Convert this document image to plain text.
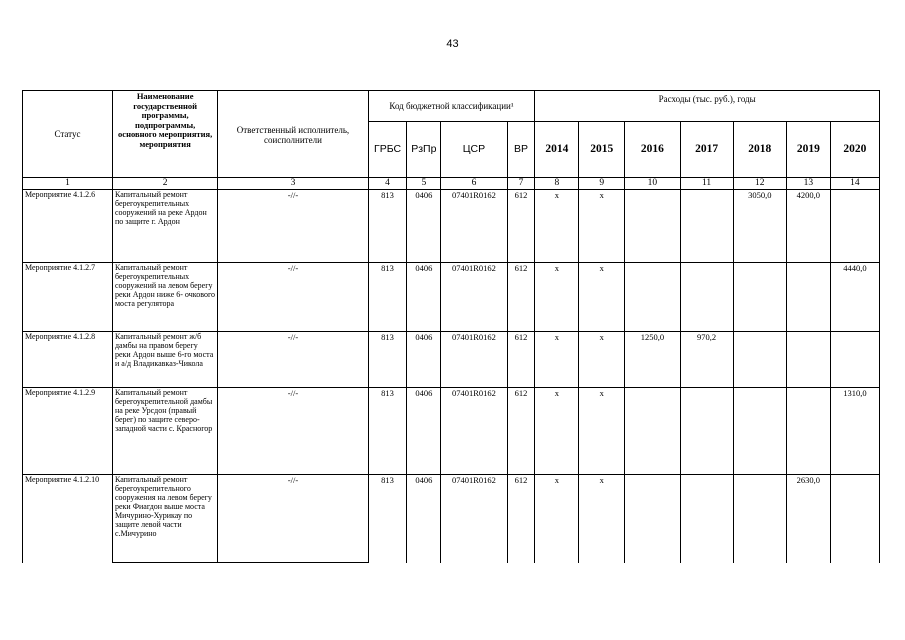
43
Статус	Наименование государственной программы, подпрограммы, основного мероприятия, мероприятия	Ответственный исполнитель, соисполнители	Код бюджетной классификации¹				Расходы (тыс. руб.), годы						
			ГРБС	РзПр	ЦСР	ВР	2014	2015	2016	2017	2018	2019	2020
1	2	3	4	5	6	7	8	9	10	11	12	13	14
Мероприятие 4.1.2.6	Капитальный ремонт берегоукрепительных сооружений на реке Ардон по защите г. Ардон	-//-	813	0406	07401R0162	612	x	x			3050,0	4200,0	
Мероприятие 4.1.2.7	Капитальный ремонт берегоукрепительных сооружений на левом берегу реки Ардон ниже 6- очкового моста регулятора	-//-	813	0406	07401R0162	612	x	x					4440,0
Мероприятие 4.1.2.8	Капитальный ремонт ж/б дамбы на правом берегу реки Ардон выше 6-го моста и а/д Владикавказ-Чикола	-//-	813	0406	07401R0162	612	x	x	1250,0	970,2			
Мероприятие 4.1.2.9	Капитальный ремонт берегоукрепительной дамбы на реке Урсдон (правый берег) по защите северо-западной части с. Красногор	-//-	813	0406	07401R0162	612	x	x					1310,0
Мероприятие 4.1.2.10	Капитальный ремонт берегоукрепительного сооружения на левом берегу реки Фиагдон выше моста Мичурино-Хурикау по защите левой части с.Мичурино	-//-	813	0406	07401R0162	612	x	x				2630,0	
